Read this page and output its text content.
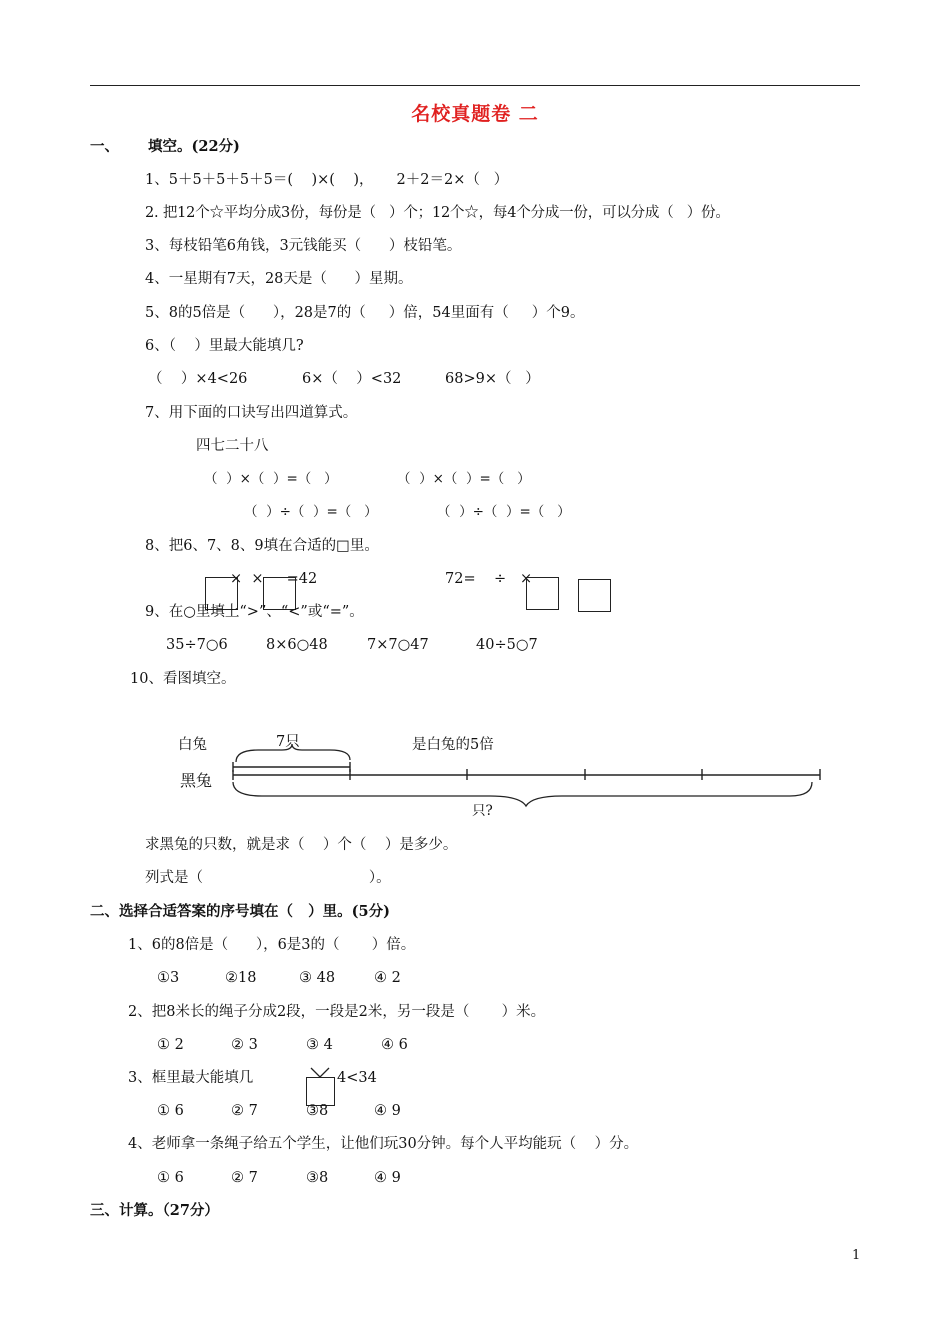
名校真题卷 二
一、 填空。(22分)
1、5＋5＋5＋5＋5＝(    )×(    )，     2＋2＝2×（   ）
2. 把12个☆平均分成3份，每份是（   ）个；12个☆，每4个分成一份，可以分成（   ）份。
3、每枝铅笔6角钱，3元钱能买（      ）枝铅笔。
4、一星期有7天，28天是（      ）星期。
5、8的5倍是（      ），28是7的（     ）倍，54里面有（     ）个9。
6、（    ）里最大能填几?
（    ）×4<26	6×（    ）<32	68>9×（   ）
7、用下面的口诀写出四道算式。
四七二十八
（  ）×（  ）=（   ）	（  ）×（  ）=（   ）
（  ）÷（  ）=（   ）	（  ）÷（  ）=（   ）
8、把6、7、8、9填在合适的□里。
×  ×     =42	72=    ÷   ×
9、在○里填上“>”、“<”或“=”。
35÷7○6	8×6○48	7×7○47	40÷5○7
10、看图填空。
白兔
黑兔
7只	是白兔的5倍
只?
求黑兔的只数，就是求（    ）个（    ）是多少。
列式是（                                    ）。
二、选择合适答案的序号填在（   ）里。(5分)
1、6的8倍是（      ），6是3的（       ）倍。
①3	②18	③ 48	④ 2
2、把8米长的绳子分成2段，一段是2米，另一段是（       ）米。
① 2	② 3	③ 4	④ 6
3、框里最大能填几	4<34
① 6	② 7	③8	④ 9
4、老师拿一条绳子给五个学生，让他们玩30分钟。每个人平均能玩（    ）分。
① 6	② 7	③8	④ 9
三、计算。（27分）
1
